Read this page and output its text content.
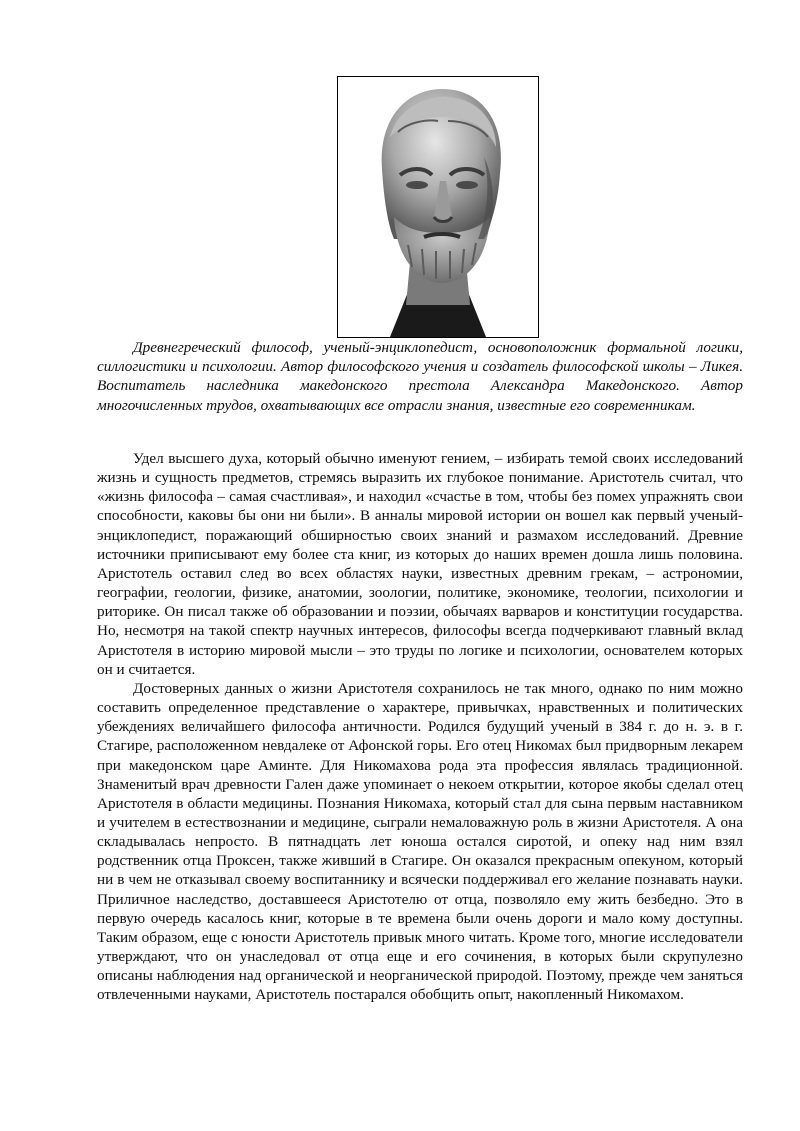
Древнегреческий философ, ученый-энциклопедист, основоположник формальной логики, силлогистики и психологии. Автор философского учения и создатель философской школы – Ликея. Воспитатель наследника македонского престола Александра Македонского. Автор многочисленных трудов, охватывающих все отрасли знания, известные его современникам.

Удел высшего духа, который обычно именуют гением, – избирать темой своих исследований жизнь и сущность предметов, стремясь выразить их глубокое понимание. Аристотель считал, что «жизнь философа – самая счастливая», и находил «счастье в том, чтобы без помех упражнять свои способности, каковы бы они ни были». В анналы мировой истории он вошел как первый ученый-энциклопедист, поражающий обширностью своих знаний и размахом исследований. Древние источники приписывают ему более ста книг, из которых до наших времен дошла лишь половина. Аристотель оставил след во всех областях науки, известных древним грекам, – астрономии, географии, геологии, физике, анатомии, зоологии, политике, экономике, теологии, психологии и риторике. Он писал также об образовании и поэзии, обычаях варваров и конституции государства. Но, несмотря на такой спектр научных интересов, философы всегда подчеркивают главный вклад Аристотеля в историю мировой мысли – это труды по логике и психологии, основателем которых он и считается.

Достоверных данных о жизни Аристотеля сохранилось не так много, однако по ним можно составить определенное представление о характере, привычках, нравственных и политических убеждениях величайшего философа античности. Родился будущий ученый в 384 г. до н. э. в г. Стагире, расположенном невдалеке от Афонской горы. Его отец Никомах был придворным лекарем при македонском царе Аминте. Для Никомахова рода эта профессия являлась традиционной. Знаменитый врач древности Гален даже упоминает о некоем открытии, которое якобы сделал отец Аристотеля в области медицины. Познания Никомаха, который стал для сына первым наставником и учителем в естествознании и медицине, сыграли немаловажную роль в жизни Аристотеля. А она складывалась непросто. В пятнадцать лет юноша остался сиротой, и опеку над ним взял родственник отца Проксен, также живший в Стагире. Он оказался прекрасным опекуном, который ни в чем не отказывал своему воспитаннику и всячески поддерживал его желание познавать науки. Приличное наследство, доставшееся Аристотелю от отца, позволяло ему жить безбедно. Это в первую очередь касалось книг, которые в те времена были очень дороги и мало кому доступны. Таким образом, еще с юности Аристотель привык много читать. Кроме того, многие исследователи утверждают, что он унаследовал от отца еще и его сочинения, в которых были скрупулезно описаны наблюдения над органической и неорганической природой. Поэтому, прежде чем заняться отвлеченными науками, Аристотель постарался обобщить опыт, накопленный Никомахом.
